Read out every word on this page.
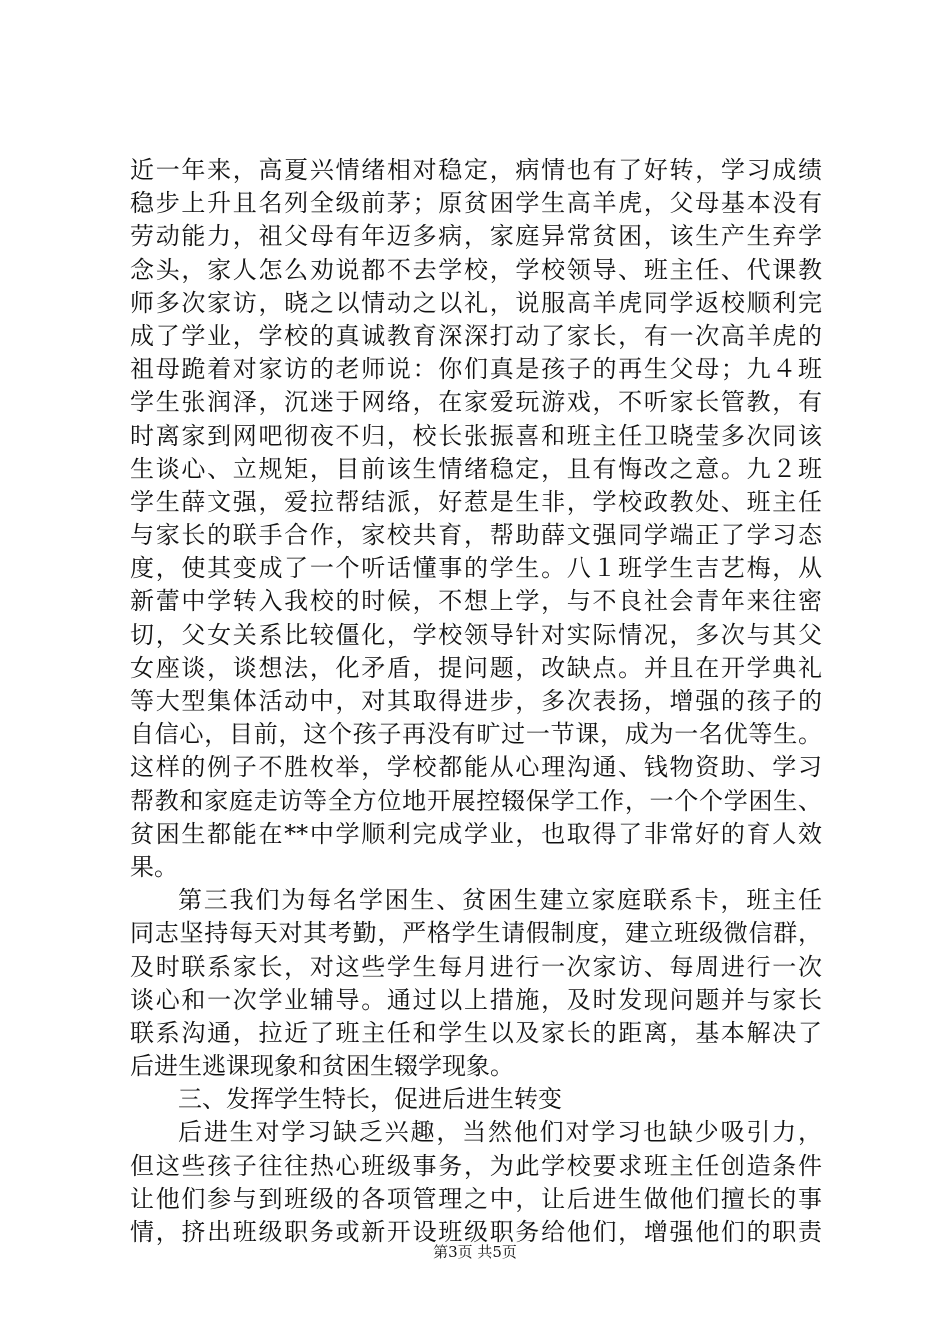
近一年来，高夏兴情绪相对稳定，病情也有了好转，学习成绩
稳步上升且名列全级前茅；原贫困学生高羊虎，父母基本没有
劳动能力，祖父母有年迈多病，家庭异常贫困，该生产生弃学
念头，家人怎么劝说都不去学校，学校领导、班主任、代课教
师多次家访，晓之以情动之以礼，说服高羊虎同学返校顺利完
成了学业，学校的真诚教育深深打动了家长，有一次高羊虎的
祖母跪着对家访的老师说：你们真是孩子的再生父母；九４班
学生张润泽，沉迷于网络，在家爱玩游戏，不听家长管教，有
时离家到网吧彻夜不归，校长张振喜和班主任卫晓莹多次同该
生谈心、立规矩，目前该生情绪稳定，且有悔改之意。九２班
学生薛文强，爱拉帮结派，好惹是生非，学校政教处、班主任
与家长的联手合作，家校共育，帮助薛文强同学端正了学习态
度，使其变成了一个听话懂事的学生。八１班学生吉艺梅，从
新蕾中学转入我校的时候，不想上学，与不良社会青年来往密
切，父女关系比较僵化，学校领导针对实际情况，多次与其父
女座谈，谈想法，化矛盾，提问题，改缺点。并且在开学典礼
等大型集体活动中，对其取得进步，多次表扬，增强的孩子的
自信心，目前，这个孩子再没有旷过一节课，成为一名优等生。
这样的例子不胜枚举，学校都能从心理沟通、钱物资助、学习
帮教和家庭走访等全方位地开展控辍保学工作，一个个学困生、
贫困生都能在**中学顺利完成学业，也取得了非常好的育人效
果。
第三我们为每名学困生、贫困生建立家庭联系卡，班主任
同志坚持每天对其考勤，严格学生请假制度，建立班级微信群，
及时联系家长，对这些学生每月进行一次家访、每周进行一次
谈心和一次学业辅导。通过以上措施，及时发现问题并与家长
联系沟通，拉近了班主任和学生以及家长的距离，基本解决了
后进生逃课现象和贫困生辍学现象。
三、发挥学生特长，促进后进生转变
后进生对学习缺乏兴趣，当然他们对学习也缺少吸引力，
但这些孩子往往热心班级事务，为此学校要求班主任创造条件
让他们参与到班级的各项管理之中，让后进生做他们擅长的事
情，挤出班级职务或新开设班级职务给他们，增强他们的职责
第3页 共5页
